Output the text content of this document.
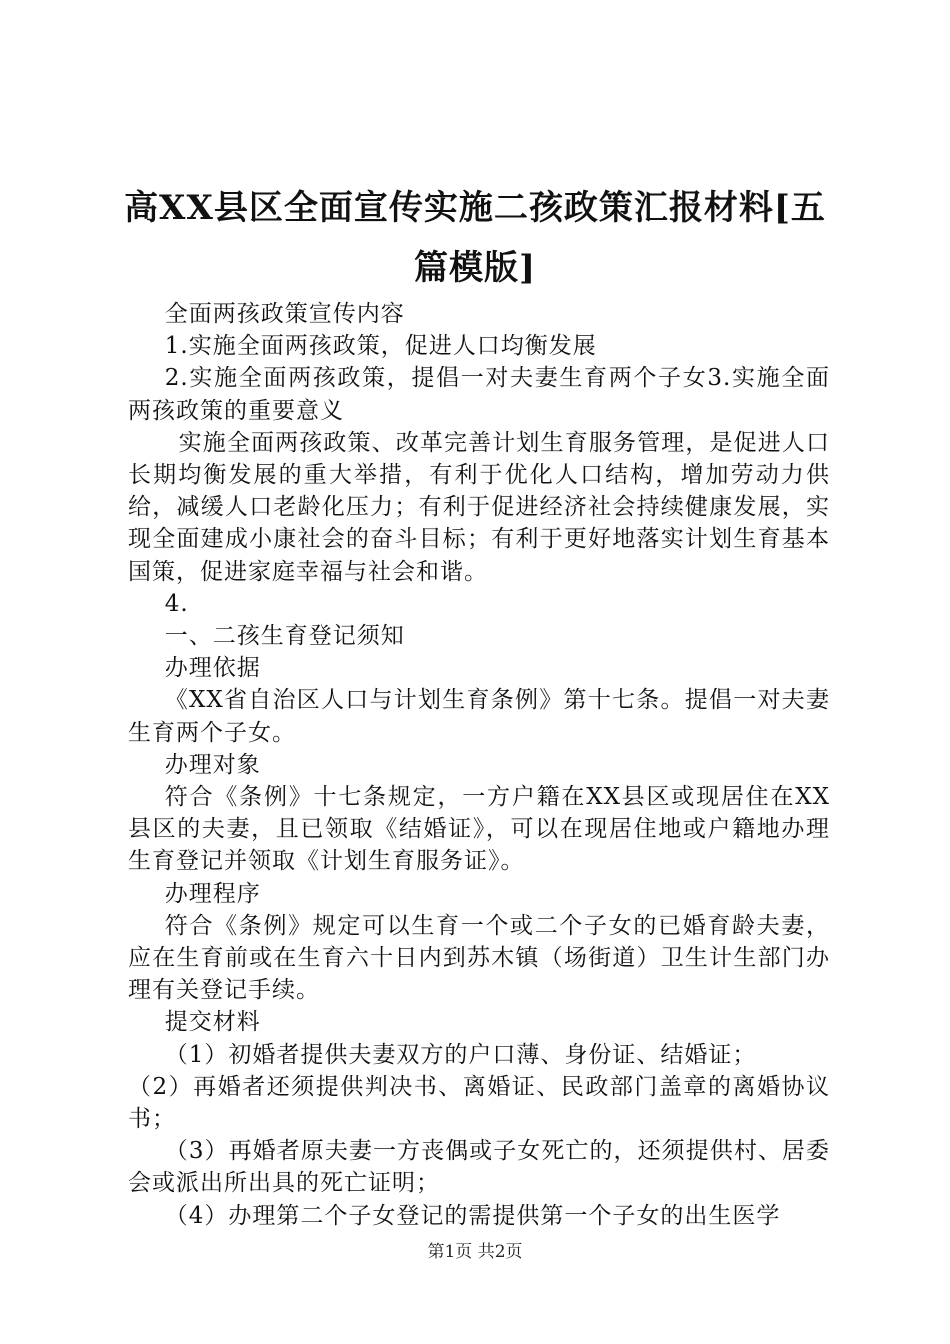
高XX县区全面宣传实施二孩政策汇报材料[五篇模版]

全面两孩政策宣传内容

1.实施全面两孩政策，促进人口均衡发展

2.实施全面两孩政策，提倡一对夫妻生育两个子女3.实施全面两孩政策的重要意义

实施全面两孩政策、改革完善计划生育服务管理，是促进人口长期均衡发展的重大举措，有利于优化人口结构，增加劳动力供给，减缓人口老龄化压力；有利于促进经济社会持续健康发展，实现全面建成小康社会的奋斗目标；有利于更好地落实计划生育基本国策，促进家庭幸福与社会和谐。

4.

一、二孩生育登记须知

办理依据

《XX省自治区人口与计划生育条例》第十七条。提倡一对夫妻生育两个子女。

办理对象

符合《条例》十七条规定，一方户籍在XX县区或现居住在XX县区的夫妻，且已领取《结婚证》，可以在现居住地或户籍地办理生育登记并领取《计划生育服务证》。

办理程序

符合《条例》规定可以生育一个或二个子女的已婚育龄夫妻，应在生育前或在生育六十日内到苏木镇（场街道）卫生计生部门办理有关登记手续。

提交材料

（1）初婚者提供夫妻双方的户口薄、身份证、结婚证；

（2）再婚者还须提供判决书、离婚证、民政部门盖章的离婚协议书；

（3）再婚者原夫妻一方丧偶或子女死亡的，还须提供村、居委会或派出所出具的死亡证明；

（4）办理第二个子女登记的需提供第一个子女的出生医学

第1页 共2页
